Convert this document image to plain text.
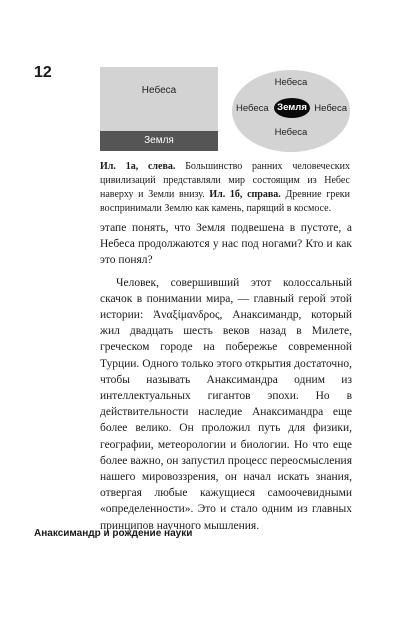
12
Небеса
Земля
Небеса
Небеса	Небеса
Небеса
Земля
Ил. 1а, слева. Большинство ранних человеческих цивилизаций представляли мир состоящим из Небес наверху и Земли внизу. Ил. 1б, справа. Древние греки воспринимали Землю как камень, парящий в космосе.

этапе понять, что Земля подвешена в пустоте, а Небеса продолжаются у нас под ногами? Кто и как это понял?

Человек, совершивший этот колоссальный скачок в понимании мира, — главный герой этой истории: Ἀναξίμανδρος, Анаксимандр, который жил двадцать шесть веков назад в Милете, греческом городе на побережье современной Турции. Одного только этого открытия достаточно, чтобы называть Анаксимандра одним из интеллектуальных гигантов эпохи. Но в действительности наследие Анаксимандра еще более велико. Он проложил путь для физики, географии, метеорологии и биологии. Но что еще более важно, он запустил процесс переосмысления нашего мировоззрения, он начал искать знания, отвергая любые кажущиеся самоочевидными «определенности». Это и стало одним из главных принципов научного мышления.

Анаксимандр и рождение науки
